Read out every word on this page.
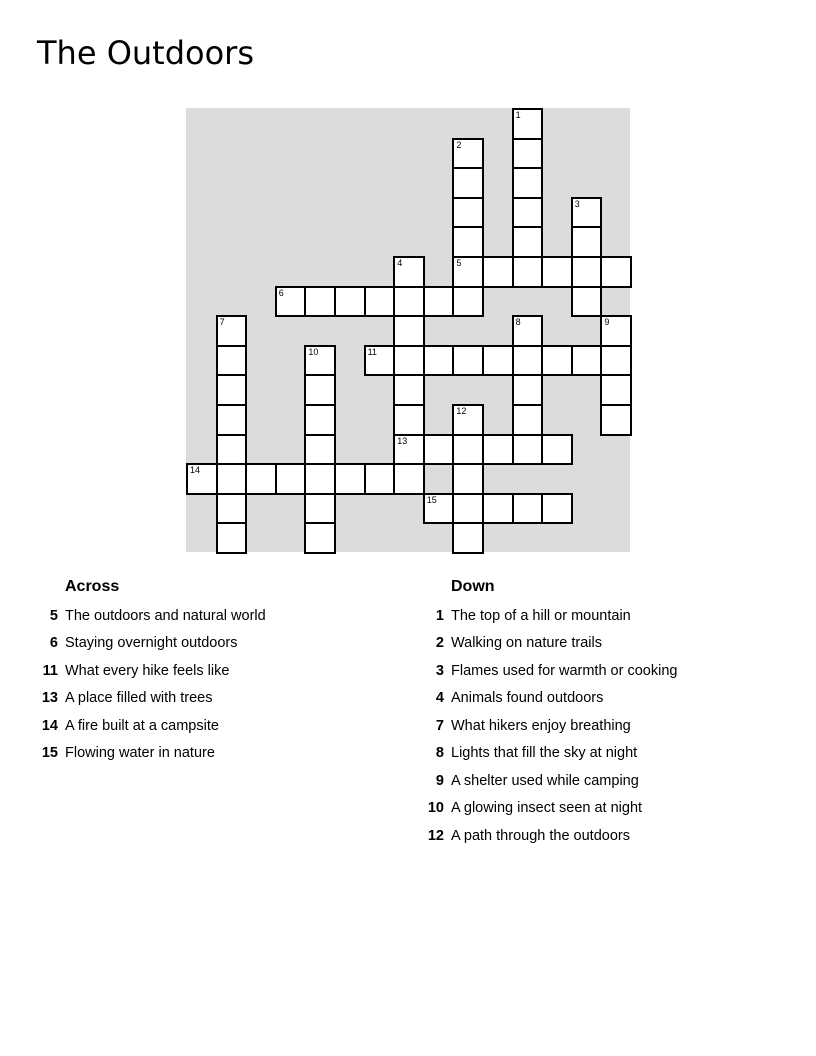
The Outdoors
1
2
5
3
4
13
6
7	8	9
10	11
12
14
15
Across
5 The outdoors and natural world
6 Staying overnight outdoors
11 What every hike feels like
13 A place filled with trees
14 A fire built at a campsite
15 Flowing water in nature
Down
1 The top of a hill or mountain
2 Walking on nature trails
3 Flames used for warmth or cooking
4 Animals found outdoors
7 What hikers enjoy breathing
8 Lights that fill the sky at night
9 A shelter used while camping
10 A glowing insect seen at night
12 A path through the outdoors
